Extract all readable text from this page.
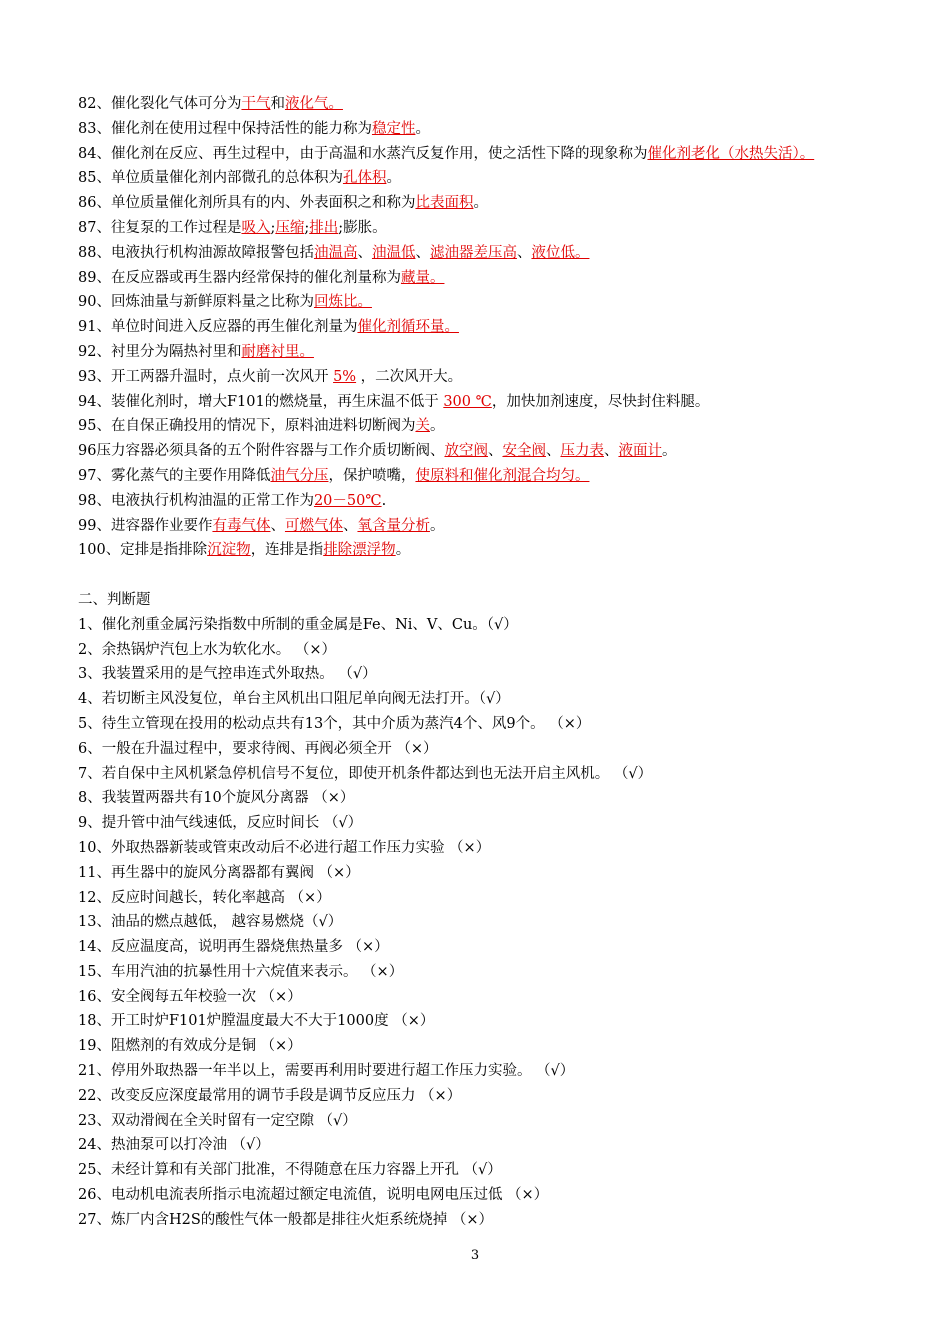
82、催化裂化气体可分为干气和液化气。
83、催化剂在使用过程中保持活性的能力称为稳定性。
84、催化剂在反应、再生过程中，由于高温和水蒸汽反复作用，使之活性下降的现象称为催化剂老化（水热失活）。
85、单位质量催化剂内部微孔的总体积为孔体积。
86、单位质量催化剂所具有的内、外表面积之和称为比表面积。
87、往复泵的工作过程是吸入;压缩;排出;膨胀。
88、电液执行机构油源故障报警包括油温高、油温低、滤油器差压高、液位低。
89、在反应器或再生器内经常保持的催化剂量称为藏量。
90、回炼油量与新鲜原料量之比称为回炼比。
91、单位时间进入反应器的再生催化剂量为催化剂循环量。
92、衬里分为隔热衬里和耐磨衬里。
93、开工两器升温时，点火前一次风开 5% ，二次风开大。
94、装催化剂时，增大F101的燃烧量，再生床温不低于 300 ℃，加快加剂速度，尽快封住料腿。
95、在自保正确投用的情况下，原料油进料切断阀为关。
96压力容器必须具备的五个附件容器与工作介质切断阀、放空阀、安全阀、压力表、液面计。
97、雾化蒸气的主要作用降低油气分压，保护喷嘴，使原料和催化剂混合均匀。
98、电液执行机构油温的正常工作为20－50℃.
99、进容器作业要作有毒气体、可燃气体、氧含量分析。
100、定排是指排除沉淀物，连排是指排除漂浮物。
二、判断题
1、催化剂重金属污染指数中所制的重金属是Fe、Ni、V、Cu。（√）
2、余热锅炉汽包上水为软化水。 （×）
3、我装置采用的是气控串连式外取热。 （√）
4、若切断主风没复位，单台主风机出口阻尼单向阀无法打开。（√）
5、待生立管现在投用的松动点共有13个，其中介质为蒸汽4个、风9个。 （×）
6、一般在升温过程中，要求待阀、再阀必须全开 （×）
7、若自保中主风机紧急停机信号不复位，即使开机条件都达到也无法开启主风机。 （√）
8、我装置两器共有10个旋风分离器 （×）
9、提升管中油气线速低，反应时间长 （√）
10、外取热器新装或管束改动后不必进行超工作压力实验 （×）
11、再生器中的旋风分离器都有翼阀 （×）
12、反应时间越长，转化率越高 （×）
13、油品的燃点越低， 越容易燃烧（√）
14、反应温度高，说明再生器烧焦热量多 （×）
15、车用汽油的抗暴性用十六烷值来表示。 （×）
16、安全阀每五年校验一次 （×）
18、开工时炉F101炉膛温度最大不大于1000度 （×）
19、阻燃剂的有效成分是铜 （×）
21、停用外取热器一年半以上，需要再利用时要进行超工作压力实验。 （√）
22、改变反应深度最常用的调节手段是调节反应压力 （×）
23、双动滑阀在全关时留有一定空隙 （√）
24、热油泵可以打冷油 （√）
25、未经计算和有关部门批准，不得随意在压力容器上开孔 （√）
26、电动机电流表所指示电流超过额定电流值，说明电网电压过低 （×）
27、炼厂内含H2S的酸性气体一般都是排往火炬系统烧掉 （×）
3
